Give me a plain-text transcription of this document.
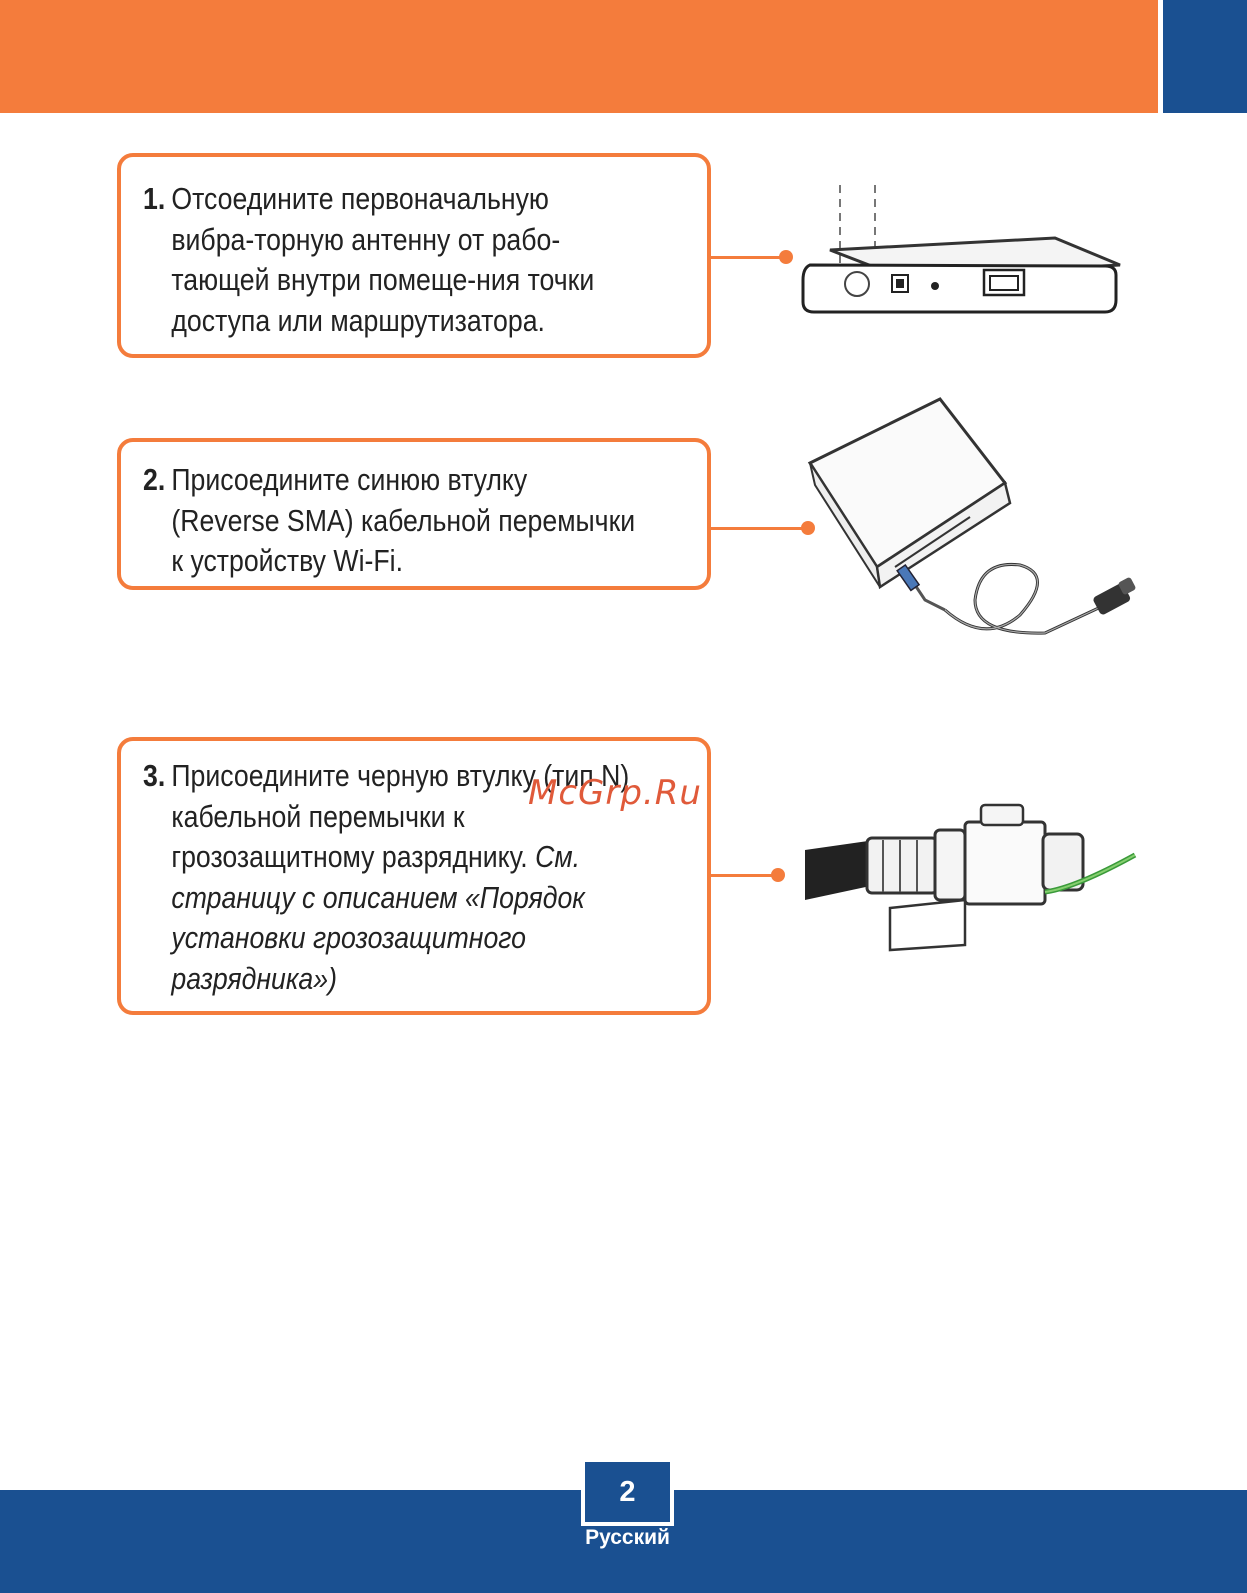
1. Отсоедините первоначальную
вибра-торную антенну от рабо-
тающей внутри помеще-ния точки
доступа или маршрутизатора.
2. Присоедините синюю втулку
(Reverse SMA) кабельной перемычки
к устройству Wi-Fi.
3. Присоедините черную втулку (тип N)
кабельной перемычки к
грозозащитному разряднику. См.
страницу с описанием «Порядок
установки грозозащитного
разрядника»)
McGrp.Ru
2
Русский
